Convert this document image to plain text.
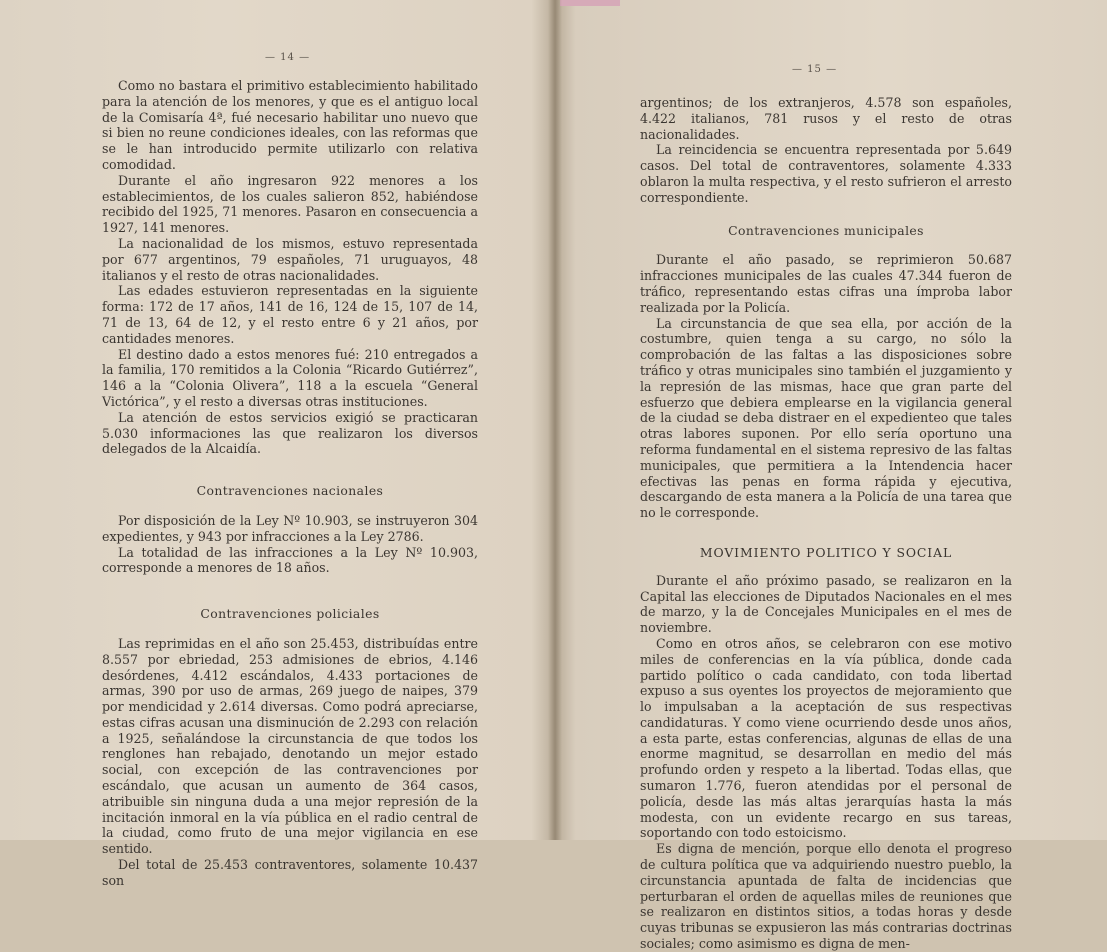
— 14 —

Como no bastara el primitivo establecimiento habilitado para la atención de los menores, y que es el antiguo local de la Comisaría 4ª, fué necesario habilitar uno nuevo que si bien no reune condiciones ideales, con las reformas que se le han introducido permite utilizarlo con relativa comodidad.

Durante el año ingresaron 922 menores a los establecimientos, de los cuales salieron 852, habiéndose recibido del 1925, 71 menores. Pasaron en consecuencia a 1927, 141 menores.

La nacionalidad de los mismos, estuvo representada por 677 argentinos, 79 españoles, 71 uruguayos, 48 italianos y el resto de otras nacionalidades.

Las edades estuvieron representadas en la siguiente forma: 172 de 17 años, 141 de 16, 124 de 15, 107 de 14, 71 de 13, 64 de 12, y el resto entre 6 y 21 años, por cantidades menores.

El destino dado a estos menores fué: 210 entregados a la familia, 170 remitidos a la Colonia “Ricardo Gutiérrez”, 146 a la “Colonia Olivera”, 118 a la escuela “General Victórica”, y el resto a diversas otras instituciones.

La atención de estos servicios exigió se practicaran 5.030 informaciones las que realizaron los diversos delegados de la Alcaidía.

Contravenciones nacionales

Por disposición de la Ley Nº 10.903, se instruyeron 304 expedientes, y 943 por infracciones a la Ley 2786.

La totalidad de las infracciones a la Ley Nº 10.903, corresponde a menores de 18 años.

Contravenciones policiales

Las reprimidas en el año son 25.453, distribuídas entre 8.557 por ebriedad, 253 admisiones de ebrios, 4.146 desórdenes, 4.412 escándalos, 4.433 portaciones de armas, 390 por uso de armas, 269 juego de naipes, 379 por mendicidad y 2.614 diversas. Como podrá apreciarse, estas cifras acusan una disminución de 2.293 con relación a 1925, señalándose la circunstancia de que todos los renglones han rebajado, denotando un mejor estado social, con excepción de las contravenciones por escándalo, que acusan un aumento de 364 casos, atribuible sin ninguna duda a una mejor represión de la incitación inmoral en la vía pública en el radio central de la ciudad, como fruto de una mejor vigilancia en ese sentido.

Del total de 25.453 contraventores, solamente 10.437 son

— 15 —

argentinos; de los extranjeros, 4.578 son españoles, 4.422 italianos, 781 rusos y el resto de otras nacionalidades.

La reincidencia se encuentra representada por 5.649 casos. Del total de contraventores, solamente 4.333 oblaron la multa respectiva, y el resto sufrieron el arresto correspondiente.

Contravenciones municipales

Durante el año pasado, se reprimieron 50.687 infracciones municipales de las cuales 47.344 fueron de tráfico, representando estas cifras una ímproba labor realizada por la Policía.

La circunstancia de que sea ella, por acción de la costumbre, quien tenga a su cargo, no sólo la comprobación de las faltas a las disposiciones sobre tráfico y otras municipales sino también el juzgamiento y la represión de las mismas, hace que gran parte del esfuerzo que debiera emplearse en la vigilancia general de la ciudad se deba distraer en el expedienteo que tales otras labores suponen. Por ello sería oportuno una reforma fundamental en el sistema represivo de las faltas municipales, que permitiera a la Intendencia hacer efectivas las penas en forma rápida y ejecutiva, descargando de esta manera a la Policía de una tarea que no le corresponde.

MOVIMIENTO POLITICO Y SOCIAL

Durante el año próximo pasado, se realizaron en la Capital las elecciones de Diputados Nacionales en el mes de marzo, y la de Concejales Municipales en el mes de noviembre.

Como en otros años, se celebraron con ese motivo miles de conferencias en la vía pública, donde cada partido político o cada candidato, con toda libertad expuso a sus oyentes los proyectos de mejoramiento que lo impulsaban a la aceptación de sus respectivas candidaturas. Y como viene ocurriendo desde unos años, a esta parte, estas conferencias, algunas de ellas de una enorme magnitud, se desarrollan en medio del más profundo orden y respeto a la libertad. Todas ellas, que sumaron 1.776, fueron atendidas por el personal de policía, desde las más altas jerarquías hasta la más modesta, con un evidente recargo en sus tareas, soportando con todo estoicismo.

Es digna de mención, porque ello denota el progreso de cultura política que va adquiriendo nuestro pueblo, la circunstancia apuntada de falta de incidencias que perturbaran el orden de aquellas miles de reuniones que se realizaron en distintos sitios, a todas horas y desde cuyas tribunas se expusieron las más contrarias doctrinas sociales; como asimismo es digna de men-
